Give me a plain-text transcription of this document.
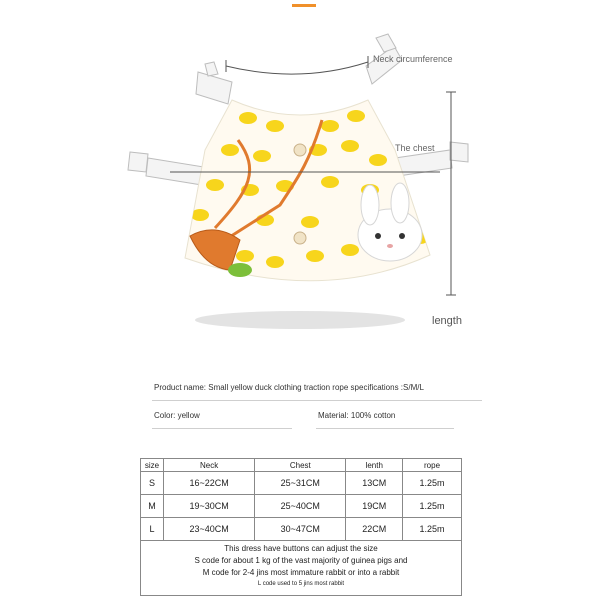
Neck circumference
The chest
length
Product name: Small yellow duck clothing traction rope specifications :S/M/L
Color: yellow	Material: 100% cotton
size	Neck	Chest	lenth	rope
S	16~22CM	25~31CM	13CM	1.25m
M	19~30CM	25~40CM	19CM	1.25m
L	23~40CM	30~47CM	22CM	1.25m

This dress have buttons can adjust the size
S code for about 1 kg of the vast majority of guinea pigs and
M code for 2-4 jins most immature rabbit or into a rabbit
L code used to 5 jins most rabbit				
